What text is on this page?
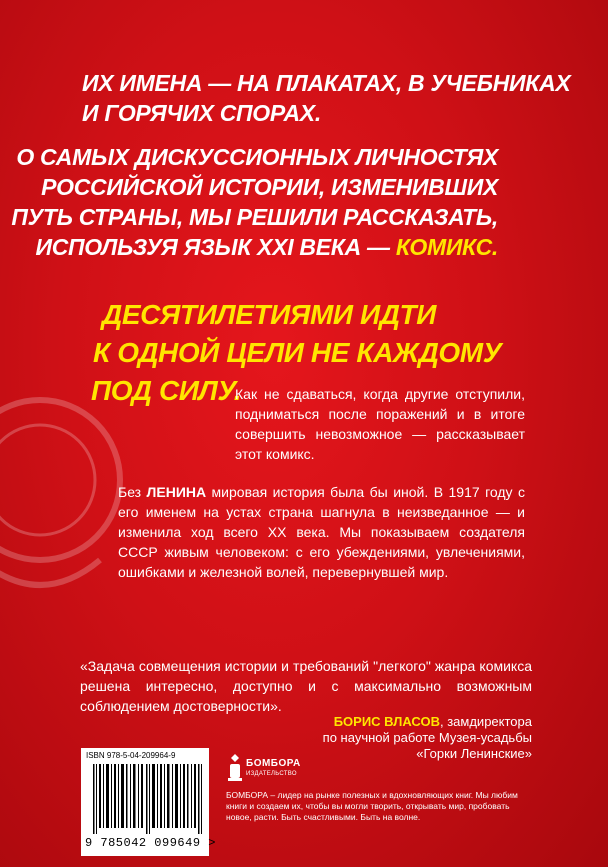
ИХ ИМЕНА — НА ПЛАКАТАХ, В УЧЕБНИКАХ
И ГОРЯЧИХ СПОРАХ.
О САМЫХ ДИСКУССИОННЫХ ЛИЧНОСТЯХ
РОССИЙСКОЙ ИСТОРИИ, ИЗМЕНИВШИХ
ПУТЬ СТРАНЫ, МЫ РЕШИЛИ РАССКАЗАТЬ,
ИСПОЛЬЗУЯ ЯЗЫК XXI ВЕКА — КОМИКС.
ДЕСЯТИЛЕТИЯМИ ИДТИ
К ОДНОЙ ЦЕЛИ НЕ КАЖДОМУ
ПОД СИЛУ.
Как не сдаваться, когда другие отступили, подниматься после поражений и в итоге совершить невозможное — рассказывает этот комикс.
Без ЛЕНИНА мировая история была бы иной. В 1917 году с его именем на устах страна шагнула в неизведанное — и изменила ход всего XX века. Мы показываем создателя СССР живым человеком: с его убеждениями, увлечениями, ошибками и железной волей, перевернувшей мир.
«Задача совмещения истории и требований "легкого" жанра комикса решена интересно, доступно и с максимально возможным соблюдением достоверности».
БОРИС ВЛАСОВ, замдиректора
по научной работе Музея-усадьбы
«Горки Ленинские»
ISBN 978-5-04-209964-9
9 785042 099649 >
БОМБОРА
ИЗДАТЕЛЬСТВО
БОМБОРА – лидер на рынке полезных и вдохновляющих книг. Мы любим книги и создаем их, чтобы вы могли творить, открывать мир, пробовать новое, расти. Быть счастливыми. Быть на волне.
